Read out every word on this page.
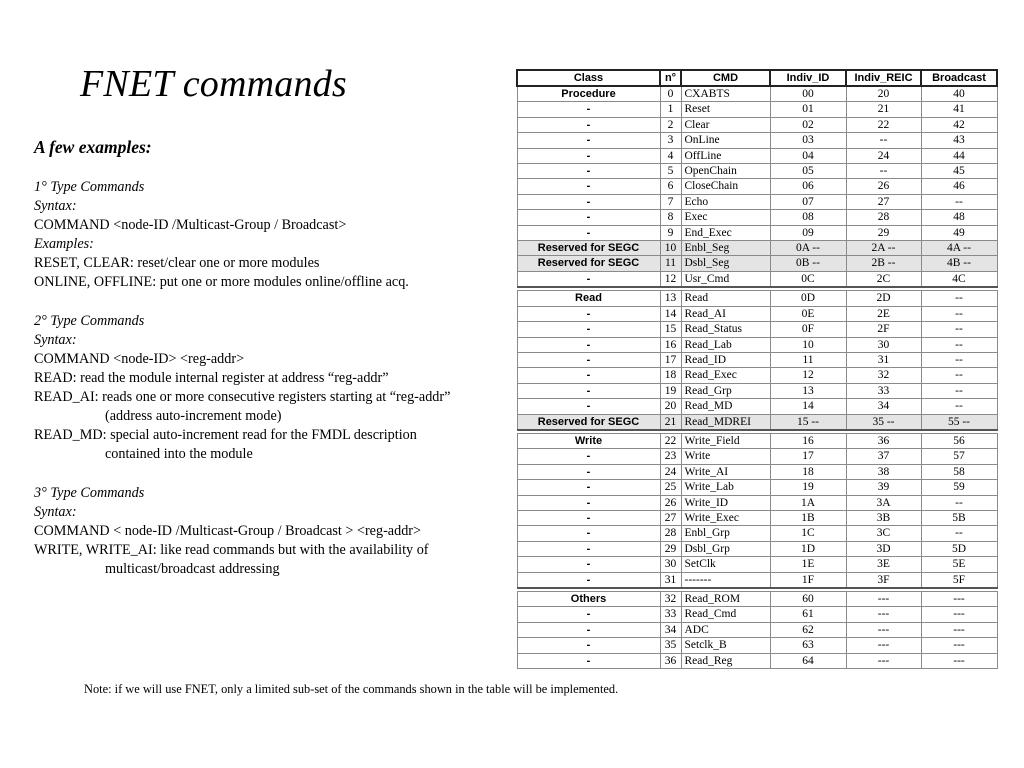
FNET commands
A few examples:
1° Type Commands
Syntax:
COMMAND <node-ID /Multicast-Group / Broadcast>
Examples:
RESET, CLEAR: reset/clear one or more modules
ONLINE, OFFLINE: put one or more modules online/offline acq.
2° Type Commands
Syntax:
COMMAND <node-ID> <reg-addr>
READ: read the module internal register at address “reg-addr”
READ_AI: reads one or more consecutive registers starting at “reg-addr”
(address auto-increment mode)
READ_MD: special auto-increment read for the FMDL description
contained into the module
3° Type Commands
Syntax:
COMMAND < node-ID /Multicast-Group / Broadcast > <reg-addr>
WRITE, WRITE_AI: like read commands but with the availability of
multicast/broadcast addressing
Class	n°	CMD	Indiv_ID	Indiv_REIC	Broadcast
Procedure	0	CXABTS	00	20	40
-	1	Reset	01	21	41
-	2	Clear	02	22	42
-	3	OnLine	03	--	43
-	4	OffLine	04	24	44
-	5	OpenChain	05	--	45
-	6	CloseChain	06	26	46
-	7	Echo	07	27	--
-	8	Exec	08	28	48
-	9	End_Exec	09	29	49
Reserved for SEGC	10	Enbl_Seg	0A --	2A --	4A --
Reserved for SEGC	11	Dsbl_Seg	0B --	2B --	4B --
-	12	Usr_Cmd	0C	2C	4C

Read	13	Read	0D	2D	--
-	14	Read_AI	0E	2E	--
-	15	Read_Status	0F	2F	--
-	16	Read_Lab	10	30	--
-	17	Read_ID	11	31	--
-	18	Read_Exec	12	32	--
-	19	Read_Grp	13	33	--
-	20	Read_MD	14	34	--
Reserved for SEGC	21	Read_MDREI	15 --	35 --	55 --

Write	22	Write_Field	16	36	56
-	23	Write	17	37	57
-	24	Write_AI	18	38	58
-	25	Write_Lab	19	39	59
-	26	Write_ID	1A	3A	--
-	27	Write_Exec	1B	3B	5B
-	28	Enbl_Grp	1C	3C	--
-	29	Dsbl_Grp	1D	3D	5D
-	30	SetClk	1E	3E	5E
-	31	-------	1F	3F	5F

Others	32	Read_ROM	60	---	---
-	33	Read_Cmd	61	---	---
-	34	ADC	62	---	---
-	35	Setclk_B	63	---	---
-	36	Read_Reg	64	---	---
Note: if we will use FNET, only a limited sub-set of the commands shown in the table will be implemented.
